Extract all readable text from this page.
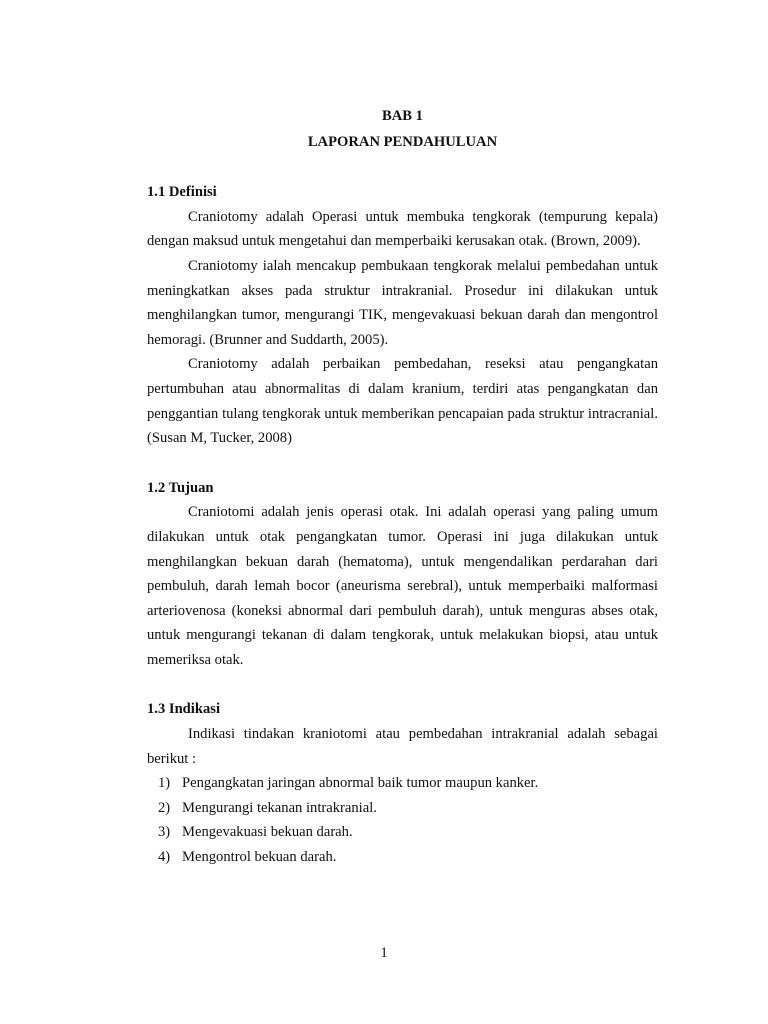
BAB 1

LAPORAN PENDAHULUAN

1.1 Definisi

Craniotomy adalah Operasi untuk membuka tengkorak (tempurung kepala) dengan maksud untuk mengetahui dan memperbaiki kerusakan otak. (Brown, 2009).

Craniotomy ialah mencakup pembukaan tengkorak melalui pembedahan untuk meningkatkan akses pada struktur intrakranial. Prosedur ini dilakukan untuk menghilangkan tumor, mengurangi TIK, mengevakuasi bekuan darah dan mengontrol hemoragi. (Brunner and Suddarth, 2005).

Craniotomy adalah perbaikan pembedahan, reseksi atau pengangkatan pertumbuhan atau abnormalitas di dalam kranium, terdiri atas pengangkatan dan penggantian tulang tengkorak untuk memberikan pencapaian pada struktur intracranial. (Susan M, Tucker, 2008)

1.2 Tujuan

Craniotomi adalah jenis operasi otak. Ini adalah operasi yang paling umum dilakukan untuk otak pengangkatan tumor. Operasi ini juga dilakukan untuk menghilangkan bekuan darah (hematoma), untuk mengendalikan perdarahan dari pembuluh, darah lemah bocor (aneurisma serebral), untuk memperbaiki malformasi arteriovenosa (koneksi abnormal dari pembuluh darah), untuk menguras abses otak, untuk mengurangi tekanan di dalam tengkorak, untuk melakukan biopsi, atau untuk memeriksa otak.

1.3 Indikasi

Indikasi tindakan kraniotomi atau pembedahan intrakranial adalah sebagai berikut :

1) Pengangkatan jaringan abnormal baik tumor maupun kanker.
2) Mengurangi tekanan intrakranial.
3) Mengevakuasi bekuan darah.
4) Mengontrol bekuan darah.

1
